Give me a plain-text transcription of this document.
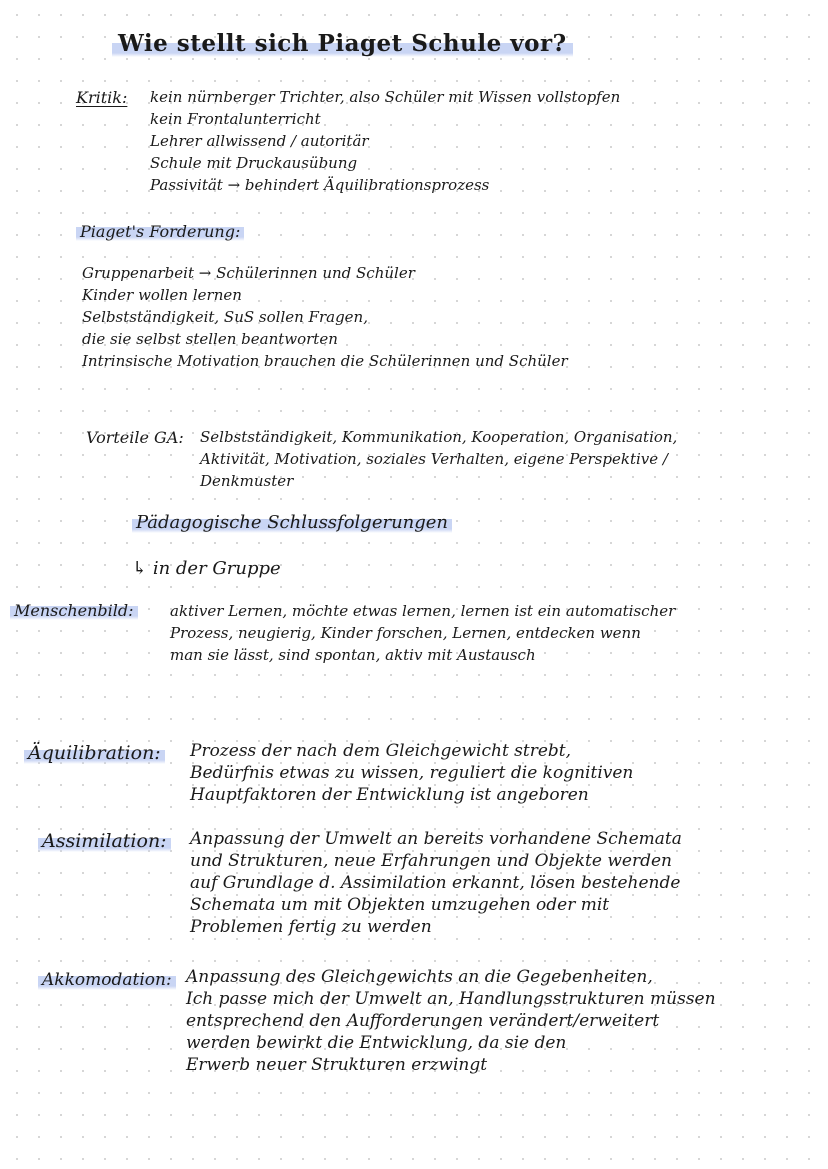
Wie stellt sich Piaget Schule vor?
Kritik: kein nürnberger Trichter, also Schüler mit Wissen vollstopfen
kein Frontalunterricht
Lehrer allwissend / autoritär
Schule mit Druckausübung
Passivität → behindert Äquilibrationsprozess
Piaget's Forderung:
Gruppenarbeit → Schülerinnen und Schüler
Kinder wollen lernen
Selbstständigkeit, SuS sollen Fragen,
die sie selbst stellen beantworten
Intrinsische Motivation brauchen die Schülerinnen und Schüler
Vorteile GA: Selbstständigkeit, Kommunikation, Kooperation, Organisation,
Aktivität, Motivation, soziales Verhalten, eigene Perspektive /
Denkmuster
Pädagogische Schlussfolgerungen
↳ in der Gruppe
Menschenbild: aktiver Lernen, möchte etwas lernen, lernen ist ein automatischer
Prozess, neugierig, Kinder forschen, Lernen, entdecken wenn
man sie lässt, sind spontan, aktiv mit Austausch
Äquilibration: Prozess der nach dem Gleichgewicht strebt,
Bedürfnis etwas zu wissen, reguliert die kognitiven
Hauptfaktoren der Entwicklung ist angeboren
Assimilation: Anpassung der Umwelt an bereits vorhandene Schemata
und Strukturen, neue Erfahrungen und Objekte werden
auf Grundlage d. Assimilation erkannt, lösen bestehende
Schemata um mit Objekten umzugehen oder mit
Problemen fertig zu werden
Akkomodation: Anpassung des Gleichgewichts an die Gegebenheiten,
Ich passe mich der Umwelt an, Handlungsstrukturen müssen
entsprechend den Aufforderungen verändert/erweitert
werden bewirkt die Entwicklung, da sie den
Erwerb neuer Strukturen erzwingt
